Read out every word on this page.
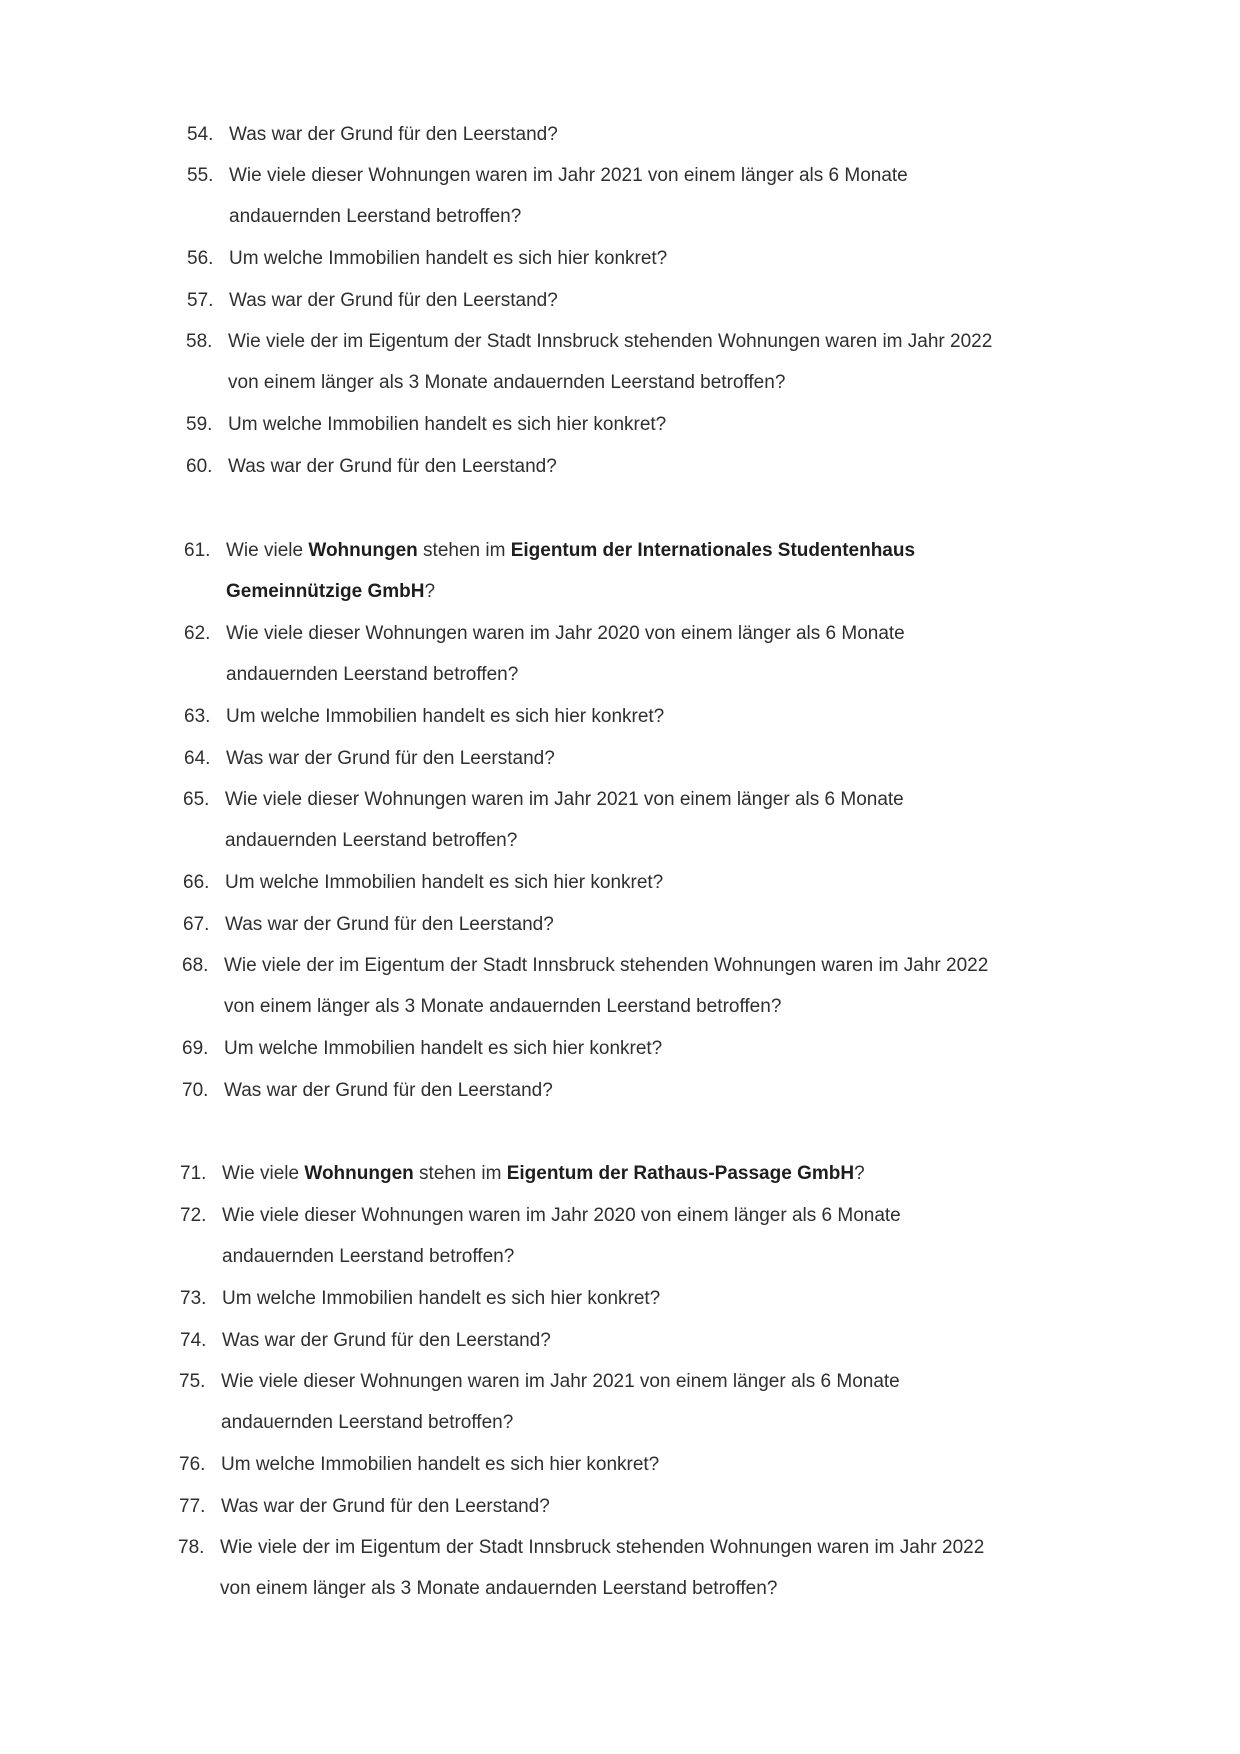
54. Was war der Grund für den Leerstand?

55. Wie viele dieser Wohnungen waren im Jahr 2021 von einem länger als 6 Monate
andauernden Leerstand betroffen?

56. Um welche Immobilien handelt es sich hier konkret?

57. Was war der Grund für den Leerstand?

58. Wie viele der im Eigentum der Stadt Innsbruck stehenden Wohnungen waren im Jahr 2022
von einem länger als 3 Monate andauernden Leerstand betroffen?

59. Um welche Immobilien handelt es sich hier konkret?

60. Was war der Grund für den Leerstand?

61. Wie viele Wohnungen stehen im Eigentum der Internationales Studentenhaus
Gemeinnützige GmbH?

62. Wie viele dieser Wohnungen waren im Jahr 2020 von einem länger als 6 Monate
andauernden Leerstand betroffen?

63. Um welche Immobilien handelt es sich hier konkret?

64. Was war der Grund für den Leerstand?

65. Wie viele dieser Wohnungen waren im Jahr 2021 von einem länger als 6 Monate
andauernden Leerstand betroffen?

66. Um welche Immobilien handelt es sich hier konkret?

67. Was war der Grund für den Leerstand?

68. Wie viele der im Eigentum der Stadt Innsbruck stehenden Wohnungen waren im Jahr 2022
von einem länger als 3 Monate andauernden Leerstand betroffen?

69. Um welche Immobilien handelt es sich hier konkret?

70. Was war der Grund für den Leerstand?

71. Wie viele Wohnungen stehen im Eigentum der Rathaus-Passage GmbH?

72. Wie viele dieser Wohnungen waren im Jahr 2020 von einem länger als 6 Monate
andauernden Leerstand betroffen?

73. Um welche Immobilien handelt es sich hier konkret?

74. Was war der Grund für den Leerstand?

75. Wie viele dieser Wohnungen waren im Jahr 2021 von einem länger als 6 Monate
andauernden Leerstand betroffen?

76. Um welche Immobilien handelt es sich hier konkret?

77. Was war der Grund für den Leerstand?

78. Wie viele der im Eigentum der Stadt Innsbruck stehenden Wohnungen waren im Jahr 2022
von einem länger als 3 Monate andauernden Leerstand betroffen?
